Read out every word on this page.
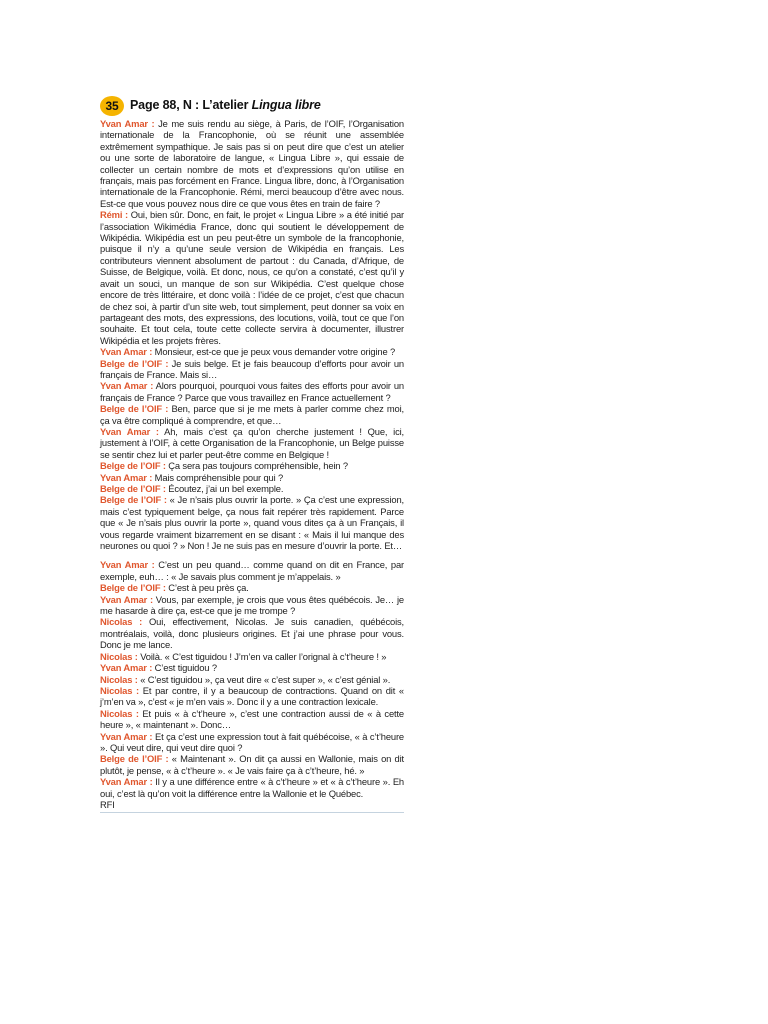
35 Page 88, N : L’atelier Lingua libre

Yvan Amar : Je me suis rendu au siège, à Paris, de l’OIF, l’Organisation internationale de la Francophonie, où se réunit une assemblée extrêmement sympathique. Je sais pas si on peut dire que c’est un atelier ou une sorte de laboratoire de langue, « Lingua Libre », qui essaie de collecter un certain nombre de mots et d’expressions qu’on utilise en français, mais pas forcément en France. Lingua libre, donc, à l’Organisation internationale de la Francophonie. Rémi, merci beaucoup d’être avec nous. Est-ce que vous pouvez nous dire ce que vous êtes en train de faire ?

Rémi : Oui, bien sûr. Donc, en fait, le projet « Lingua Libre » a été initié par l’association Wikimédia France, donc qui soutient le développement de Wikipédia. Wikipédia est un peu peut-être un symbole de la francophonie, puisque il n’y a qu’une seule version de Wikipédia en français. Les contributeurs viennent absolument de partout : du Canada, d’Afrique, de Suisse, de Belgique, voilà. Et donc, nous, ce qu’on a constaté, c’est qu’il y avait un souci, un manque de son sur Wikipédia. C’est quelque chose encore de très littéraire, et donc voilà : l’idée de ce projet, c’est que chacun de chez soi, à partir d’un site web, tout simplement, peut donner sa voix en partageant des mots, des expressions, des locutions, voilà, tout ce que l’on souhaite. Et tout cela, toute cette collecte servira à documenter, illustrer Wikipédia et les projets frères.

Yvan Amar : Monsieur, est-ce que je peux vous demander votre origine ?

Belge de l’OIF : Je suis belge. Et je fais beaucoup d’efforts pour avoir un français de France. Mais si…

Yvan Amar : Alors pourquoi, pourquoi vous faites des efforts pour avoir un français de France ? Parce que vous travaillez en France actuellement ?

Belge de l’OIF : Ben, parce que si je me mets à parler comme chez moi, ça va être compliqué à comprendre, et que…

Yvan Amar : Ah, mais c’est ça qu’on cherche justement ! Que, ici, justement à l’OIF, à cette Organisation de la Francophonie, un Belge puisse se sentir chez lui et parler peut-être comme en Belgique !

Belge de l’OIF : Ça sera pas toujours compréhensible, hein ?

Yvan Amar : Mais compréhensible pour qui ?

Belge de l’OIF : Écoutez, j’ai un bel exemple.

Belge de l’OIF : « Je n’sais plus ouvrir la porte. » Ça c’est une expression, mais c’est typiquement belge, ça nous fait repérer très rapidement. Parce que « Je n’sais plus ouvrir la porte », quand vous dites ça à un Français, il vous regarde vraiment bizarrement en se disant : « Mais il lui manque des neurones ou quoi ? » Non ! Je ne suis pas en mesure d’ouvrir la porte. Et…

Yvan Amar : C’est un peu quand… comme quand on dit en France, par exemple, euh… : « Je savais plus comment je m’appelais. »

Belge de l’OIF : C’est à peu près ça.

Yvan Amar : Vous, par exemple, je crois que vous êtes québécois. Je… je me hasarde à dire ça, est-ce que je me trompe ?

Nicolas : Oui, effectivement, Nicolas. Je suis canadien, québécois, montréalais, voilà, donc plusieurs origines. Et j’ai une phrase pour vous. Donc je me lance.

Nicolas : Voilà. « C’est tiguidou ! J’m’en va caller l’orignal à c’t’heure ! »

Yvan Amar : C’est tiguidou ?

Nicolas : « C’est tiguidou », ça veut dire « c’est super », « c’est génial ».

Nicolas : Et par contre, il y a beaucoup de contractions. Quand on dit « j’m’en va », c’est « je m’en vais ». Donc il y a une contraction lexicale.

Nicolas : Et puis « à c’t’heure », c’est une contraction aussi de « à cette heure », « maintenant ». Donc…

Yvan Amar : Et ça c’est une expression tout à fait québécoise, « à c’t’heure ». Qui veut dire, qui veut dire quoi ?

Belge de l’OIF : « Maintenant ». On dit ça aussi en Wallonie, mais on dit plutôt, je pense, « à c’t’heure ». « Je vais faire ça à c’t’heure, hé. »

Yvan Amar : Il y a une différence entre « à c’t’heure » et « à c’t’heure ». Eh oui, c’est là qu’on voit la différence entre la Wallonie et le Québec.

RFI
